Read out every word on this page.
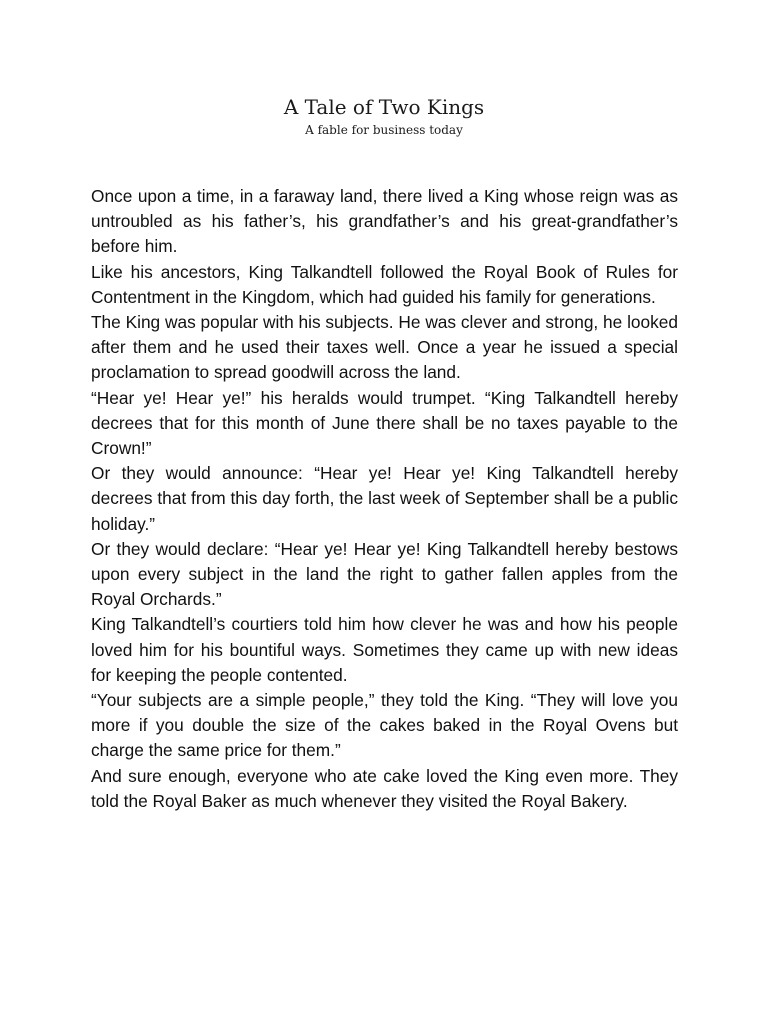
A Tale of Two Kings
A fable for business today

Once upon a time, in a faraway land, there lived a King whose reign was as untroubled as his father’s, his grandfather’s and his great-grandfather’s before him.

Like his ancestors, King Talkandtell followed the Royal Book of Rules for Contentment in the Kingdom, which had guided his family for generations.

The King was popular with his subjects. He was clever and strong, he looked after them and he used their taxes well. Once a year he issued a special proclamation to spread goodwill across the land.

“Hear ye! Hear ye!” his heralds would trumpet. “King Talkandtell hereby decrees that for this month of June there shall be no taxes payable to the Crown!”

Or they would announce: “Hear ye! Hear ye! King Talkandtell hereby decrees that from this day forth, the last week of September shall be a public holiday.”

Or they would declare: “Hear ye! Hear ye! King Talkandtell hereby bestows upon every subject in the land the right to gather fallen apples from the Royal Orchards.”

King Talkandtell’s courtiers told him how clever he was and how his people loved him for his bountiful ways. Sometimes they came up with new ideas for keeping the people contented.

“Your subjects are a simple people,” they told the King. “They will love you more if you double the size of the cakes baked in the Royal Ovens but charge the same price for them.”

And sure enough, everyone who ate cake loved the King even more. They told the Royal Baker as much whenever they visited the Royal Bakery.
